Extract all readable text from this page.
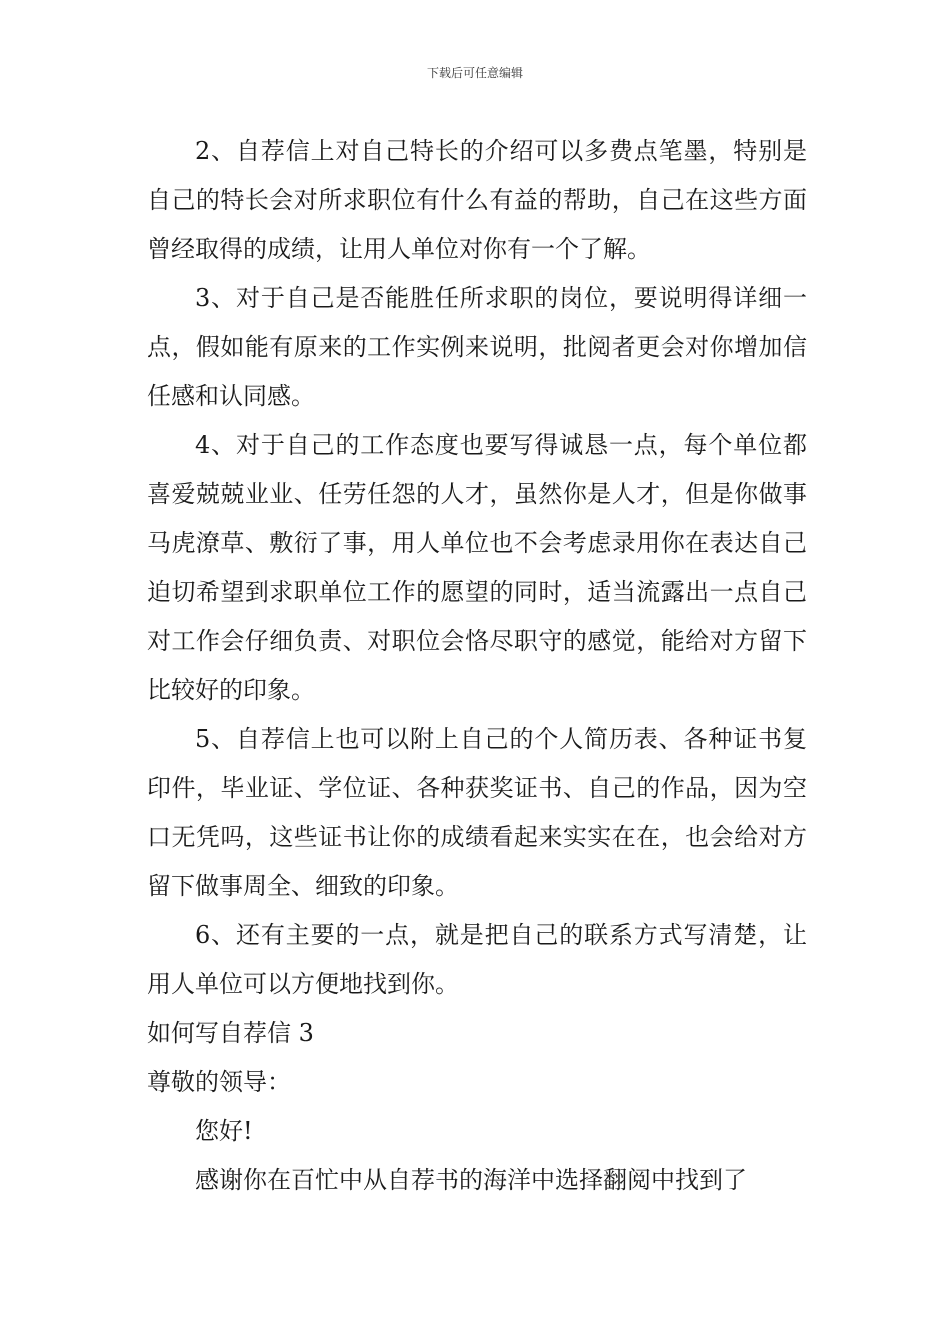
下载后可任意编辑

2、自荐信上对自己特长的介绍可以多费点笔墨，特别是自己的特长会对所求职位有什么有益的帮助，自己在这些方面曾经取得的成绩，让用人单位对你有一个了解。

3、对于自己是否能胜任所求职的岗位，要说明得详细一点，假如能有原来的工作实例来说明，批阅者更会对你增加信任感和认同感。

4、对于自己的工作态度也要写得诚恳一点，每个单位都喜爱兢兢业业、任劳任怨的人才，虽然你是人才，但是你做事马虎潦草、敷衍了事，用人单位也不会考虑录用你在表达自己迫切希望到求职单位工作的愿望的同时，适当流露出一点自己对工作会仔细负责、对职位会恪尽职守的感觉，能给对方留下比较好的印象。

5、自荐信上也可以附上自己的个人简历表、各种证书复印件，毕业证、学位证、各种获奖证书、自己的作品，因为空口无凭吗，这些证书让你的成绩看起来实实在在，也会给对方留下做事周全、细致的印象。

6、还有主要的一点，就是把自己的联系方式写清楚，让用人单位可以方便地找到你。

如何写自荐信 3

尊敬的领导：

您好!

感谢你在百忙中从自荐书的海洋中选择翻阅中找到了
